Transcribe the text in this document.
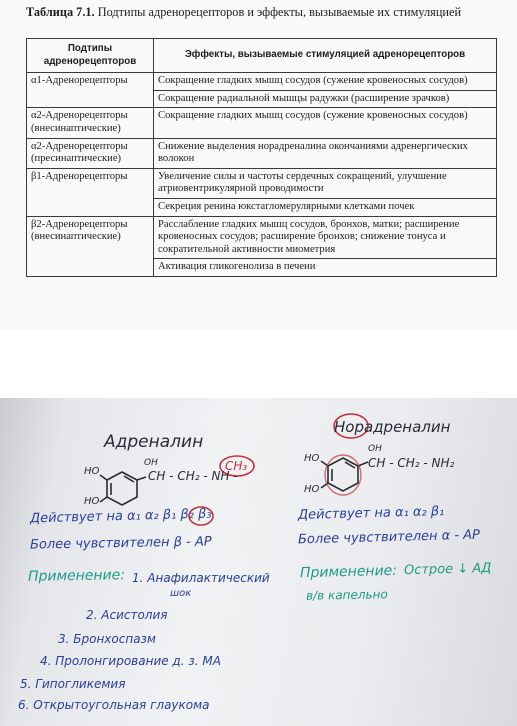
Таблица 7.1. Подтипы адренорецепторов и эффекты, вызываемые их стимуляцией
Подтипы адренорецепторов	Эффекты, вызываемые стимуляцией адренорецепторов
α1-Адренорецепторы	Сокращение гладких мышц сосудов (сужение кровеносных сосудов)
	Сокращение радиальной мышцы радужки (расширение зрачков)
α2-Адренорецепторы (внесинаптические)	Сокращение гладких мышц сосудов (сужение кровеносных сосудов)
α2-Адренорецепторы (пресинаптические)	Снижение выделения норадреналина окончаниями адренергических волокон
β1-Адренорецепторы	Увеличение силы и частоты сердечных сокращений, улучшение атриовентрикулярной проводимости
	Секреция ренина юкстагломерулярными клетками почек
β2-Адренорецепторы (внесинаптические)	Расслабление гладких мышц сосудов, бронхов, матки; расширение кровеносных сосудов; расширение бронхов; снижение тонуса и сократительной активности миометрия
	Активация гликогенолиза в печени
Адреналин
HO
HO
OH
CH - CH₂ - NH -
CH₃
Действует на α₁ α₂ β₁ β₂ β₃
Более чувствителен β - АР
Применение: 1. Анафилактический
шок
2. Асистолия
3. Бронхоспазм
4. Пролонгирование д. з. МА
5. Гипогликемия
6. Открытоугольная глаукома
Норадреналин
HO
HO
OH
CH - CH₂ - NH₂
Действует на α₁ α₂ β₁
Более чувствителен α - АР
Применение: Острое ↓ АД
в/в капельно
